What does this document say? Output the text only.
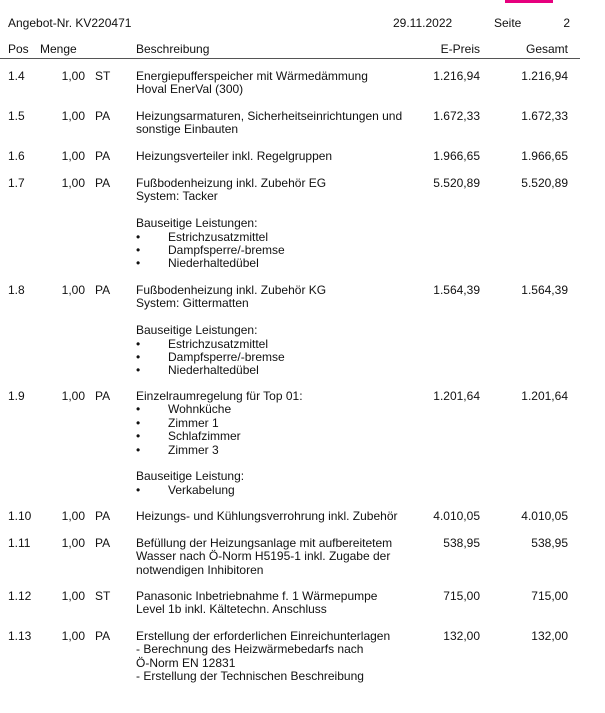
Angebot-Nr. KV220471	29.11.2022	Seite	2
Pos Menge	Beschreibung	E-Preis	Gesamt
1.4	1,00 ST Energiepufferspeicher mit Wärmedämmung
Hoval EnerVal (300)
1.216,94	1.216,94
1.5	1,00 PA Heizungsarmaturen, Sicherheitseinrichtungen und
sonstige Einbauten
1.672,33	1.672,33
1.6	1,00 PA Heizungsverteiler inkl. Regelgruppen	1.966,65	1.966,65
1.7	1,00 PA Fußbodenheizung inkl. Zubehör EG
System: Tacker
Bauseitige Leistungen:
• Estrichzusatzmittel
• Dampfsperre/-bremse
• Niederhaltedübel
5.520,89	5.520,89
1.8	1,00 PA Fußbodenheizung inkl. Zubehör KG
System: Gittermatten
Bauseitige Leistungen:
• Estrichzusatzmittel
• Dampfsperre/-bremse
• Niederhaltedübel
1.564,39	1.564,39
1.9	1,00 PA Einzelraumregelung für Top 01:
• Wohnküche
• Zimmer 1
• Schlafzimmer
• Zimmer 3
Bauseitige Leistung:
• Verkabelung
1.201,64	1.201,64
1.10	1,00 PA Heizungs- und Kühlungsverrohrung inkl. Zubehör	4.010,05	4.010,05
1.11	1,00 PA Befüllung der Heizungsanlage mit aufbereitetem
Wasser nach Ö-Norm H5195-1 inkl. Zugabe der
notwendigen Inhibitoren
538,95	538,95
1.12	1,00 ST Panasonic Inbetriebnahme f. 1 Wärmepumpe
Level 1b inkl. Kältetechn. Anschluss
715,00	715,00
1.13	1,00 PA Erstellung der erforderlichen Einreichunterlagen
- Berechnung des Heizwärmebedarfs nach
Ö-Norm EN 12831
- Erstellung der Technischen Beschreibung
132,00	132,00
